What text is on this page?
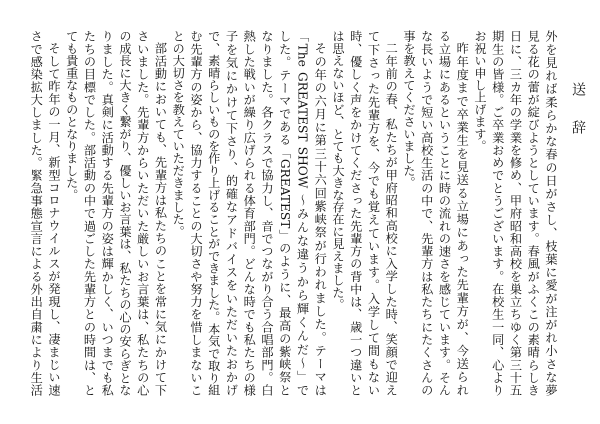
送辞
外を見れば柔らかな春の日がさし、枝葉に愛が注がれ小さな夢
見る花の蕾が綻びようとしています。春風がふくこの素晴らしき
日に、三カ年の学業を修め、甲府昭和高校を巣立ちゆく第三十五
期生の皆様。ご卒業おめでとうございます。在校生一同、心より
お祝い申し上げます。
昨年度まで卒業生を見送る立場にあった先輩方が、今送られ
る立場にあるということに時の流れの速さを感じています。そん
な長いようで短い高校生活の中で、先輩方は私たちにたくさんの
事を教えてくださいました。
二年前の春、私たちが甲府昭和高校に入学した時、笑顔で迎え
て下さった先輩方を、今でも覚えています。入学して間もない
時、優しく声をかけてくださった先輩方の背中は、歳一つ違いと
は思えないほど、とても大きな存在に見えました。
その年の六月に第三十六回紫峡祭が行われました。テーマは
「The GREATEST SHOW ～みんな違うから輝くんだ～」で
した。テーマである「GREATEST」のように、最高の紫峡祭と
なりました。各クラスで協力し、音でつながり合う合唱部門。白
熱した戦いが繰り広げられる体育部門。どんな時でも私たちの様
子を気にかけて下さり、的確なアドバイスをいただいたおかげ
で、素晴らしいものを作り上げることができました。本気で取り組
む先輩方の姿から、協力することの大切さや努力を惜しまないこ
との大切さを教えていただきました。
部活動においても、先輩方は私たちのことを常に気にかけて下
さいました。先輩方からいただいた厳しいお言葉は、私たちの心
の成長に大きく繋がり、優しいお言葉は、私たちの心の安らぎとな
りました。真剣に活動する先輩方の姿は輝かしく、いつまでも私
たちの目標でした。部活動の中で過ごした先輩方との時間は、と
ても貴重なものとなりました。
そして昨年の一月、新型コロナウイルスが発現し、凄まじい速
さで感染拡大しました。緊急事態宣言による外出自粛により生活
